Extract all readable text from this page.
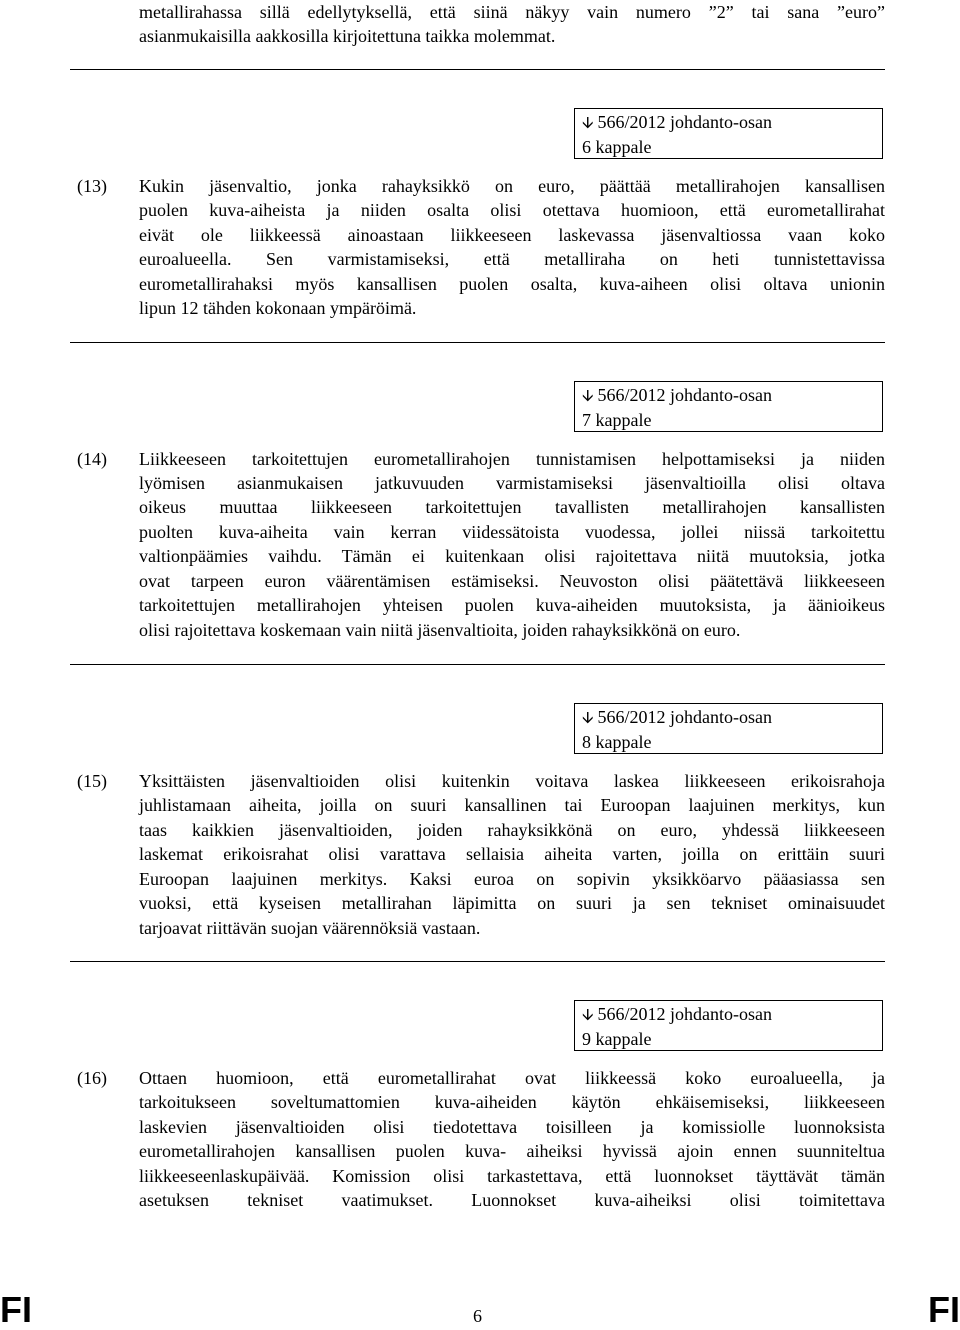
metallirahassa sillä edellytyksellä, että siinä näkyy vain numero ”2” tai sana ”euro”
asianmukaisilla aakkosilla kirjoitettuna taikka molemmat.
🡫 566/2012 johdanto-osan
6 kappale
(13) Kukin jäsenvaltio, jonka rahayksikkö on euro, päättää metallirahojen kansallisen
puolen kuva-aiheista ja niiden osalta olisi otettava huomioon, että eurometallirahat
eivät ole liikkeessä ainoastaan liikkeeseen laskevassa jäsenvaltiossa vaan koko
euroalueella. Sen varmistamiseksi, että metalliraha on heti tunnistettavissa
eurometallirahaksi myös kansallisen puolen osalta, kuva-aiheen olisi oltava unionin
lipun 12 tähden kokonaan ympäröimä.
🡫 566/2012 johdanto-osan
7 kappale
(14) Liikkeeseen tarkoitettujen eurometallirahojen tunnistamisen helpottamiseksi ja niiden
lyömisen asianmukaisen jatkuvuuden varmistamiseksi jäsenvaltioilla olisi oltava
oikeus muuttaa liikkeeseen tarkoitettujen tavallisten metallirahojen kansallisten
puolten kuva-aiheita vain kerran viidessätoista vuodessa, jollei niissä tarkoitettu
valtionpäämies vaihdu. Tämän ei kuitenkaan olisi rajoitettava niitä muutoksia, jotka
ovat tarpeen euron väärentämisen estämiseksi. Neuvoston olisi päätettävä liikkeeseen
tarkoitettujen metallirahojen yhteisen puolen kuva-aiheiden muutoksista, ja äänioikeus
olisi rajoitettava koskemaan vain niitä jäsenvaltioita, joiden rahayksikkönä on euro.
🡫 566/2012 johdanto-osan
8 kappale
(15) Yksittäisten jäsenvaltioiden olisi kuitenkin voitava laskea liikkeeseen erikoisrahoja
juhlistamaan aiheita, joilla on suuri kansallinen tai Euroopan laajuinen merkitys, kun
taas kaikkien jäsenvaltioiden, joiden rahayksikkönä on euro, yhdessä liikkeeseen
laskemat erikoisrahat olisi varattava sellaisia aiheita varten, joilla on erittäin suuri
Euroopan laajuinen merkitys. Kaksi euroa on sopivin yksikköarvo pääasiassa sen
vuoksi, että kyseisen metallirahan läpimitta on suuri ja sen tekniset ominaisuudet
tarjoavat riittävän suojan väärennöksiä vastaan.
🡫 566/2012 johdanto-osan
9 kappale
(16) Ottaen huomioon, että eurometallirahat ovat liikkeessä koko euroalueella, ja
tarkoitukseen soveltumattomien kuva-aiheiden käytön ehkäisemiseksi, liikkeeseen
laskevien jäsenvaltioiden olisi tiedotettava toisilleen ja komissiolle luonnoksista
eurometallirahojen kansallisen puolen kuva- aiheiksi hyvissä ajoin ennen suunniteltua
liikkeeseenlaskupäivää. Komission olisi tarkastettava, että luonnokset täyttävät tämän
asetuksen tekniset vaatimukset. Luonnokset kuva-aiheiksi olisi toimitettava
FI	6	FI
